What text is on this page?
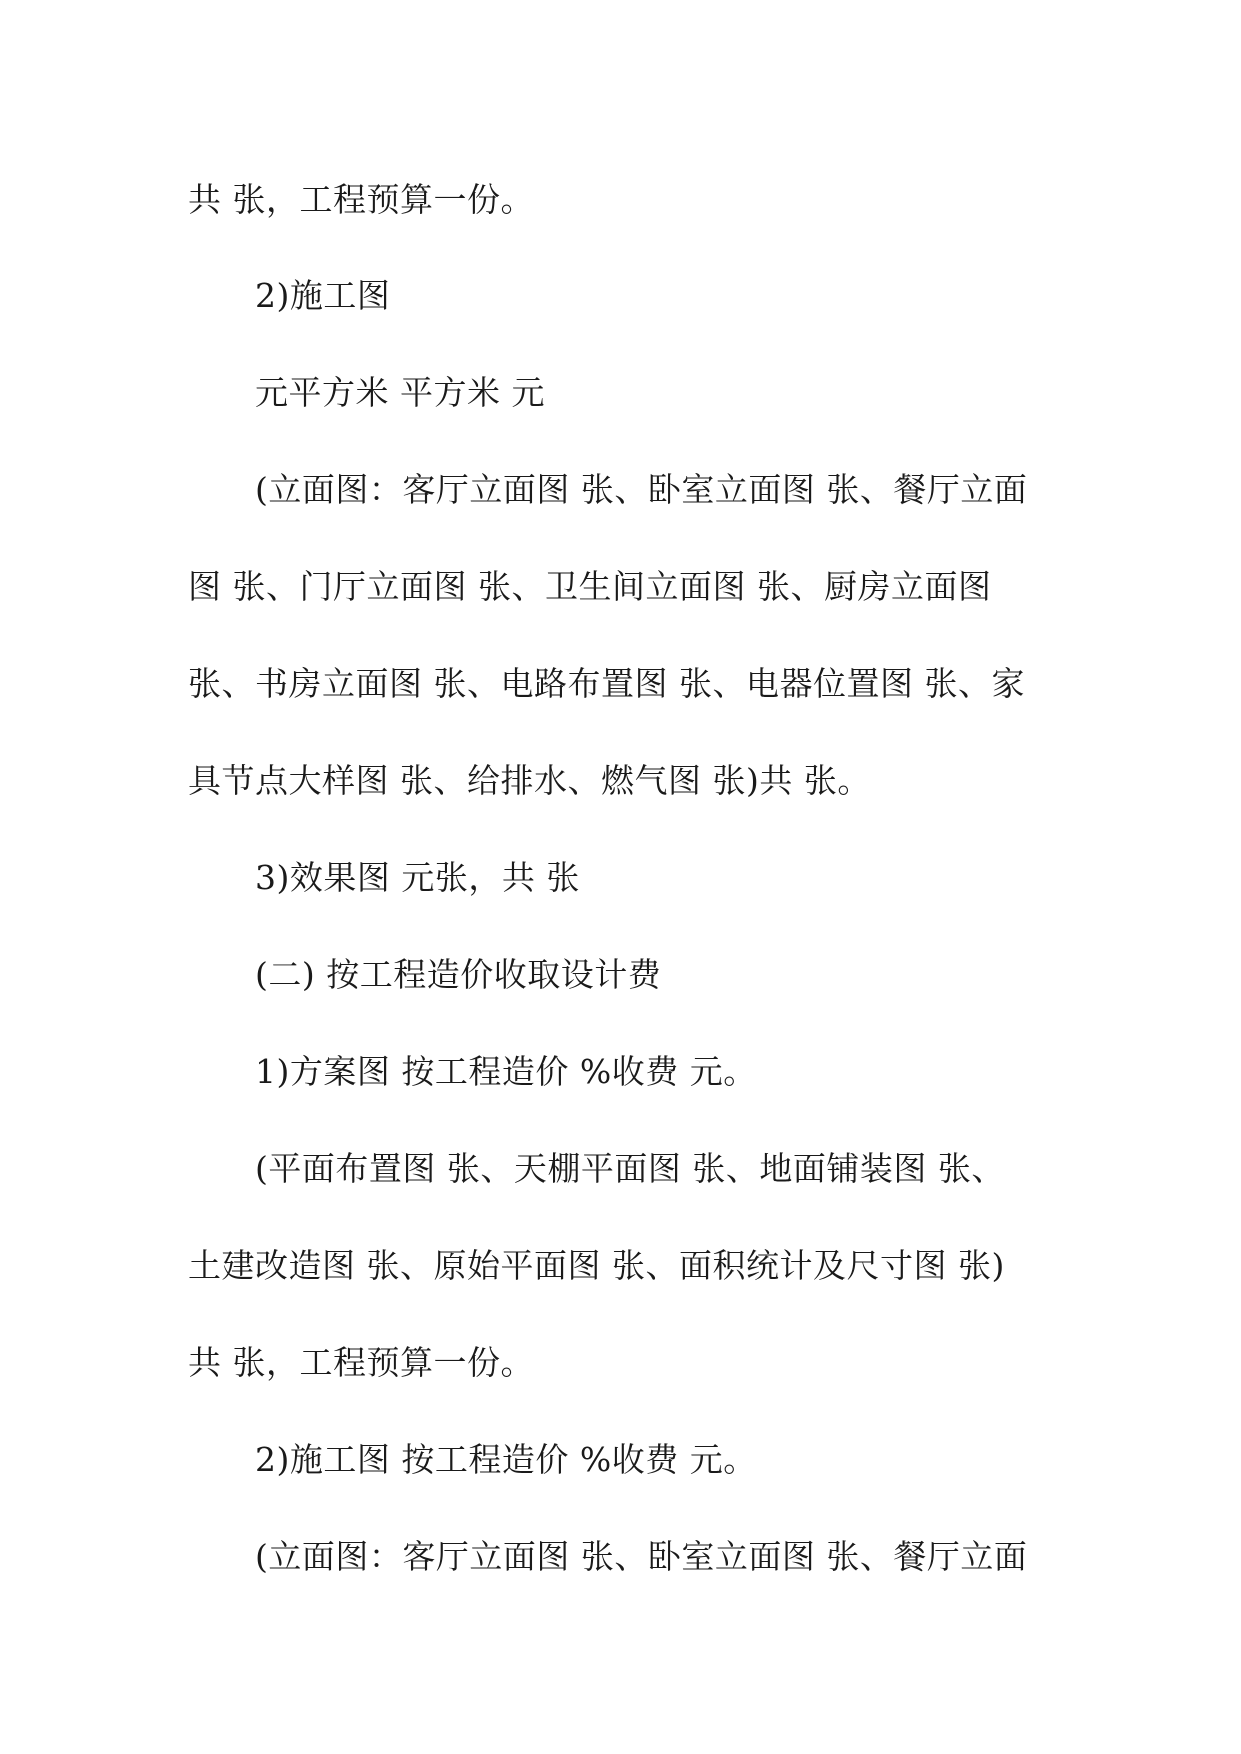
共 张，工程预算一份。
2)施工图
元平方米 平方米 元
(立面图：客厅立面图 张、卧室立面图 张、餐厅立面
图 张、门厅立面图 张、卫生间立面图 张、厨房立面图
张、书房立面图 张、电路布置图 张、电器位置图 张、家
具节点大样图 张、给排水、燃气图 张)共 张。
3)效果图 元张，共 张
(二) 按工程造价收取设计费
1)方案图 按工程造价 %收费 元。
(平面布置图 张、天棚平面图 张、地面铺装图 张、
土建改造图 张、原始平面图 张、面积统计及尺寸图 张)
共 张，工程预算一份。
2)施工图 按工程造价 %收费 元。
(立面图：客厅立面图 张、卧室立面图 张、餐厅立面
